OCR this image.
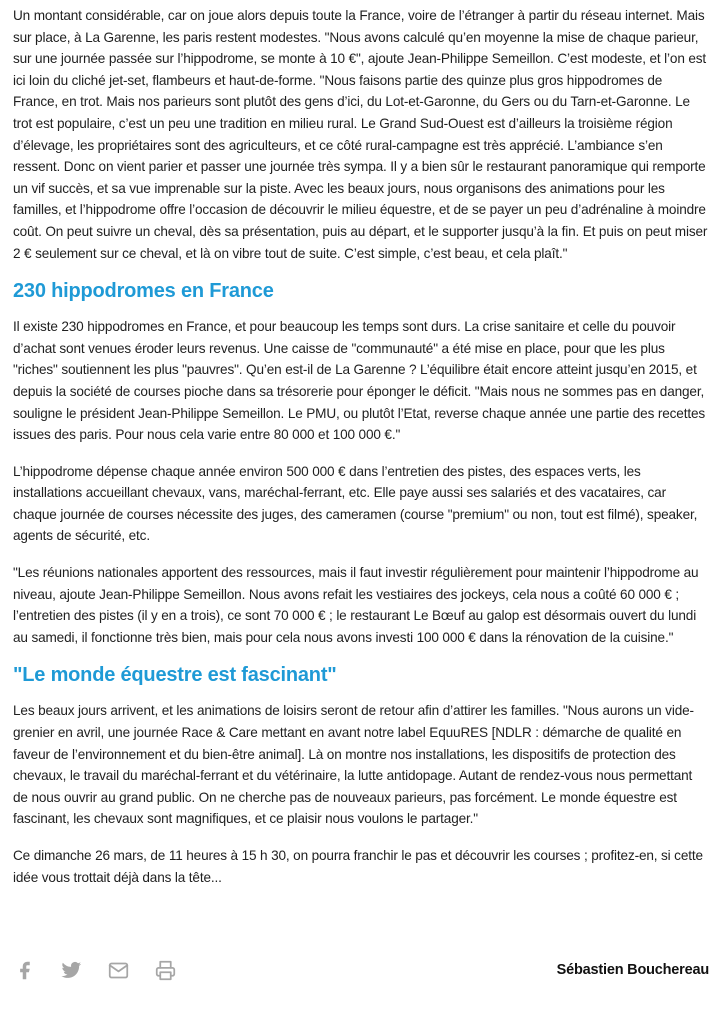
Un montant considérable, car on joue alors depuis toute la France, voire de l’étranger à partir du réseau internet. Mais sur place, à La Garenne, les paris restent modestes. "Nous avons calculé qu’en moyenne la mise de chaque parieur, sur une journée passée sur l’hippodrome, se monte à 10 €", ajoute Jean-Philippe Semeillon. C’est modeste, et l’on est ici loin du cliché jet-set, flambeurs et haut-de-forme. "Nous faisons partie des quinze plus gros hippodromes de France, en trot. Mais nos parieurs sont plutôt des gens d’ici, du Lot-et-Garonne, du Gers ou du Tarn-et-Garonne. Le trot est populaire, c’est un peu une tradition en milieu rural. Le Grand Sud-Ouest est d’ailleurs la troisième région d’élevage, les propriétaires sont des agriculteurs, et ce côté rural-campagne est très apprécié. L’ambiance s’en ressent. Donc on vient parier et passer une journée très sympa. Il y a bien sûr le restaurant panoramique qui remporte un vif succès, et sa vue imprenable sur la piste. Avec les beaux jours, nous organisons des animations pour les familles, et l’hippodrome offre l’occasion de découvrir le milieu équestre, et de se payer un peu d’adrénaline à moindre coût. On peut suivre un cheval, dès sa présentation, puis au départ, et le supporter jusqu’à la fin. Et puis on peut miser 2 € seulement sur ce cheval, et là on vibre tout de suite. C’est simple, c’est beau, et cela plaît."

230 hippodromes en France

Il existe 230 hippodromes en France, et pour beaucoup les temps sont durs. La crise sanitaire et celle du pouvoir d’achat sont venues éroder leurs revenus. Une caisse de "communauté" a été mise en place, pour que les plus "riches" soutiennent les plus "pauvres". Qu’en est-il de La Garenne ? L’équilibre était encore atteint jusqu’en 2015, et depuis la société de courses pioche dans sa trésorerie pour éponger le déficit. "Mais nous ne sommes pas en danger, souligne le président Jean-Philippe Semeillon. Le PMU, ou plutôt l’Etat, reverse chaque année une partie des recettes issues des paris. Pour nous cela varie entre 80 000 et 100 000 €."

L’hippodrome dépense chaque année environ 500 000 € dans l’entretien des pistes, des espaces verts, les installations accueillant chevaux, vans, maréchal-ferrant, etc. Elle paye aussi ses salariés et des vacataires, car chaque journée de courses nécessite des juges, des cameramen (course "premium" ou non, tout est filmé), speaker, agents de sécurité, etc.

"Les réunions nationales apportent des ressources, mais il faut investir régulièrement pour maintenir l’hippodrome au niveau, ajoute Jean-Philippe Semeillon. Nous avons refait les vestiaires des jockeys, cela nous a coûté 60 000 € ; l’entretien des pistes (il y en a trois), ce sont 70 000 € ; le restaurant Le Bœuf au galop est désormais ouvert du lundi au samedi, il fonctionne très bien, mais pour cela nous avons investi 100 000 € dans la rénovation de la cuisine."

"Le monde équestre est fascinant"

Les beaux jours arrivent, et les animations de loisirs seront de retour afin d’attirer les familles. "Nous aurons un vide-grenier en avril, une journée Race & Care mettant en avant notre label EquuRES [NDLR : démarche de qualité en faveur de l’environnement et du bien-être animal]. Là on montre nos installations, les dispositifs de protection des chevaux, le travail du maréchal-ferrant et du vétérinaire, la lutte antidopage. Autant de rendez-vous nous permettant de nous ouvrir au grand public. On ne cherche pas de nouveaux parieurs, pas forcément. Le monde équestre est fascinant, les chevaux sont magnifiques, et ce plaisir nous voulons le partager."

Ce dimanche 26 mars, de 11 heures à 15 h 30, on pourra franchir le pas et découvrir les courses ; profitez-en, si cette idée vous trottait déjà dans la tête...

Sébastien Bouchereau
